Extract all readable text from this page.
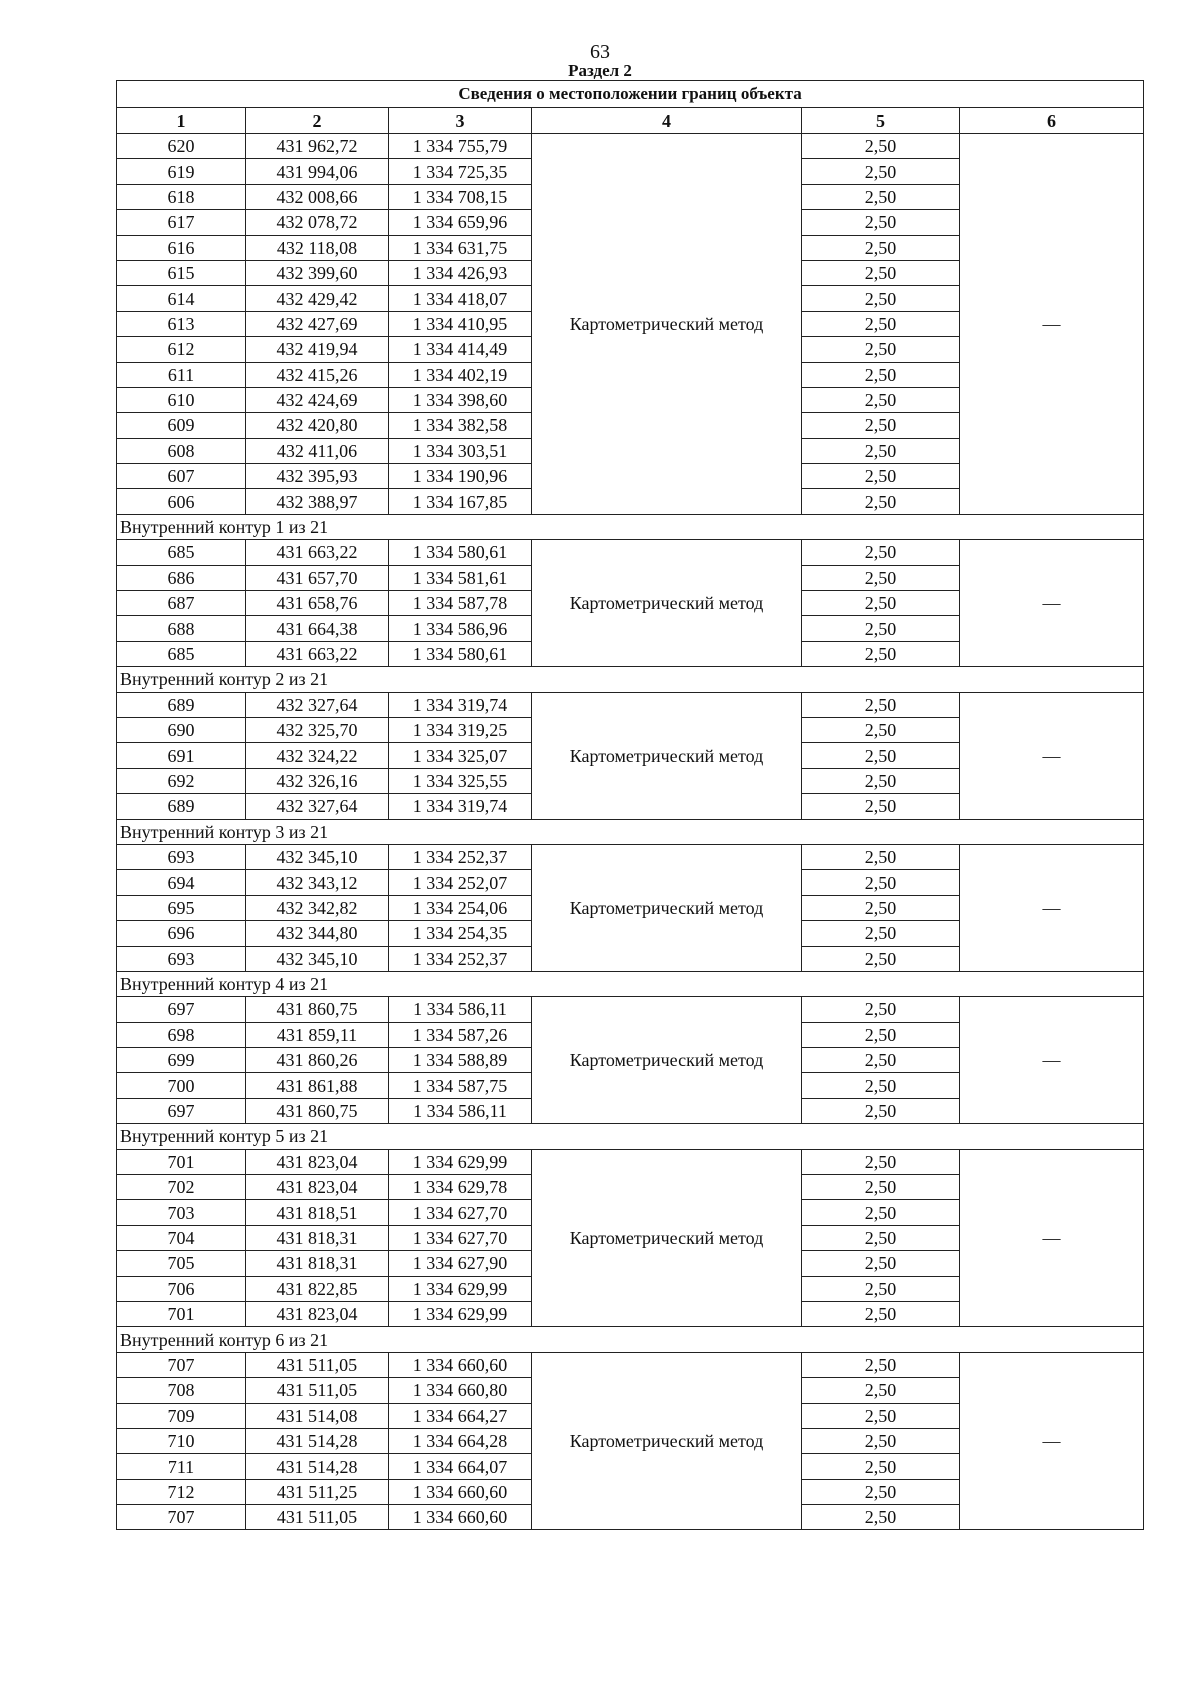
63
Раздел 2
Сведения о местоположении границ объекта					
1	2	3	4	5	6
620	431 962,72	1 334 755,79	Картометрический метод	2,50	—
619	431 994,06	1 334 725,35		2,50	
618	432 008,66	1 334 708,15		2,50	
617	432 078,72	1 334 659,96		2,50	
616	432 118,08	1 334 631,75		2,50	
615	432 399,60	1 334 426,93		2,50	
614	432 429,42	1 334 418,07		2,50	
613	432 427,69	1 334 410,95		2,50	
612	432 419,94	1 334 414,49		2,50	
611	432 415,26	1 334 402,19		2,50	
610	432 424,69	1 334 398,60		2,50	
609	432 420,80	1 334 382,58		2,50	
608	432 411,06	1 334 303,51		2,50	
607	432 395,93	1 334 190,96		2,50	
606	432 388,97	1 334 167,85		2,50	
Внутренний контур 1 из 21					
685	431 663,22	1 334 580,61	Картометрический метод	2,50	—
686	431 657,70	1 334 581,61		2,50	
687	431 658,76	1 334 587,78		2,50	
688	431 664,38	1 334 586,96		2,50	
685	431 663,22	1 334 580,61		2,50	
Внутренний контур 2 из 21					
689	432 327,64	1 334 319,74	Картометрический метод	2,50	—
690	432 325,70	1 334 319,25		2,50	
691	432 324,22	1 334 325,07		2,50	
692	432 326,16	1 334 325,55		2,50	
689	432 327,64	1 334 319,74		2,50	
Внутренний контур 3 из 21					
693	432 345,10	1 334 252,37	Картометрический метод	2,50	—
694	432 343,12	1 334 252,07		2,50	
695	432 342,82	1 334 254,06		2,50	
696	432 344,80	1 334 254,35		2,50	
693	432 345,10	1 334 252,37		2,50	
Внутренний контур 4 из 21					
697	431 860,75	1 334 586,11	Картометрический метод	2,50	—
698	431 859,11	1 334 587,26		2,50	
699	431 860,26	1 334 588,89		2,50	
700	431 861,88	1 334 587,75		2,50	
697	431 860,75	1 334 586,11		2,50	
Внутренний контур 5 из 21					
701	431 823,04	1 334 629,99	Картометрический метод	2,50	—
702	431 823,04	1 334 629,78		2,50	
703	431 818,51	1 334 627,70		2,50	
704	431 818,31	1 334 627,70		2,50	
705	431 818,31	1 334 627,90		2,50	
706	431 822,85	1 334 629,99		2,50	
701	431 823,04	1 334 629,99		2,50	
Внутренний контур 6 из 21					
707	431 511,05	1 334 660,60	Картометрический метод	2,50	—
708	431 511,05	1 334 660,80		2,50	
709	431 514,08	1 334 664,27		2,50	
710	431 514,28	1 334 664,28		2,50	
711	431 514,28	1 334 664,07		2,50	
712	431 511,25	1 334 660,60		2,50	
707	431 511,05	1 334 660,60		2,50	
